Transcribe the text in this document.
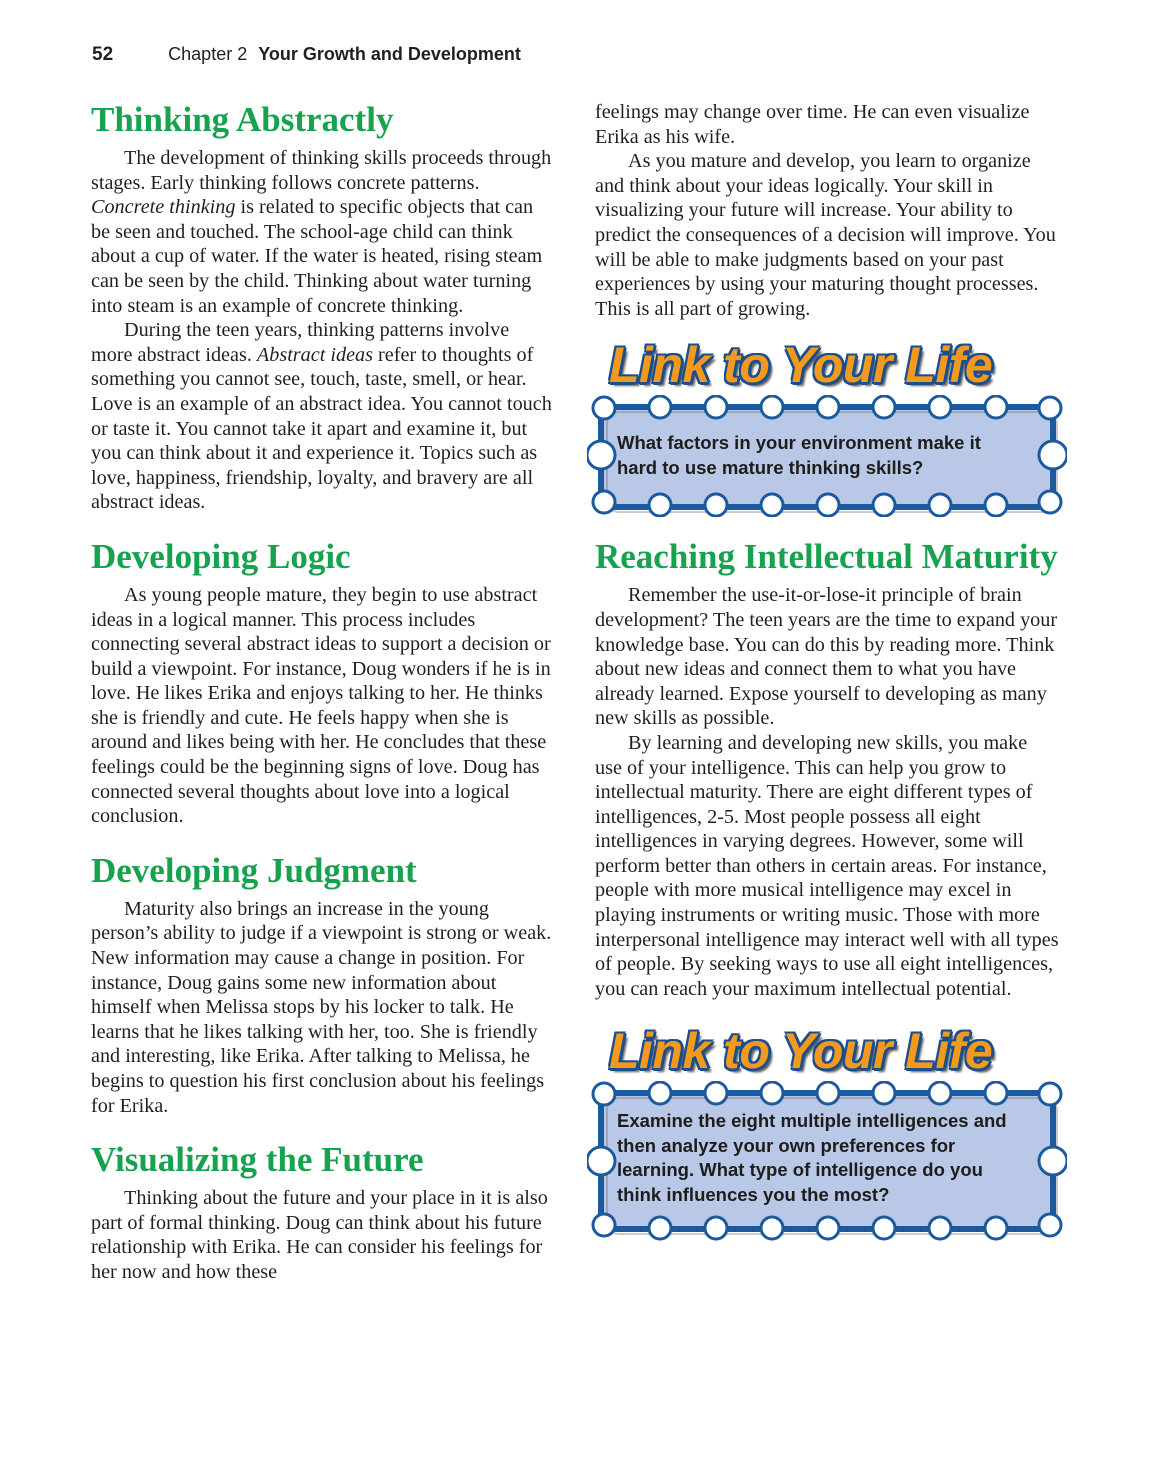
52	Chapter 2 Your Growth and Development
Thinking Abstractly

The development of thinking skills proceeds through stages. Early thinking follows concrete patterns. Concrete thinking is related to specific objects that can be seen and touched. The school-age child can think about a cup of water. If the water is heated, rising steam can be seen by the child. Thinking about water turning into steam is an example of concrete thinking.

During the teen years, thinking patterns involve more abstract ideas. Abstract ideas refer to thoughts of something you cannot see, touch, taste, smell, or hear. Love is an example of an abstract idea. You cannot touch or taste it. You cannot take it apart and examine it, but you can think about it and experience it. Topics such as love, happiness, friendship, loyalty, and bravery are all abstract ideas.

Developing Logic

As young people mature, they begin to use abstract ideas in a logical manner. This process includes connecting several abstract ideas to support a decision or build a viewpoint. For instance, Doug wonders if he is in love. He likes Erika and enjoys talking to her. He thinks she is friendly and cute. He feels happy when she is around and likes being with her. He concludes that these feelings could be the beginning signs of love. Doug has connected several thoughts about love into a logical conclusion.

Developing Judgment

Maturity also brings an increase in the young person’s ability to judge if a viewpoint is strong or weak. New information may cause a change in position. For instance, Doug gains some new information about himself when Melissa stops by his locker to talk. He learns that he likes talking with her, too. She is friendly and interesting, like Erika. After talking to Melissa, he begins to question his first conclusion about his feelings for Erika.

Visualizing the Future

Thinking about the future and your place in it is also part of formal thinking. Doug can think about his future relationship with Erika. He can consider his feelings for her now and how these

feelings may change over time. He can even visualize Erika as his wife.

As you mature and develop, you learn to organize and think about your ideas logically. Your skill in visualizing your future will increase. Your ability to predict the consequences of a decision will improve. You will be able to make judgments based on your past experiences by using your maturing thought processes. This is all part of growing.

Link to Your Life
What factors in your environment make it hard to use mature thinking skills?
Reaching Intellectual Maturity

Remember the use-it-or-lose-it principle of brain development? The teen years are the time to expand your knowledge base. You can do this by reading more. Think about new ideas and connect them to what you have already learned. Expose yourself to developing as many new skills as possible.

By learning and developing new skills, you make use of your intelligence. This can help you grow to intellectual maturity. There are eight different types of intelligences, 2-5. Most people possess all eight intelligences in varying degrees. However, some will perform better than others in certain areas. For instance, people with more musical intelligence may excel in playing instruments or writing music. Those with more interpersonal intelligence may interact well with all types of people. By seeking ways to use all eight intelligences, you can reach your maximum intellectual potential.

Link to Your Life
Examine the eight multiple intelligences and then analyze your own preferences for learning. What type of intelligence do you think influences you the most?
